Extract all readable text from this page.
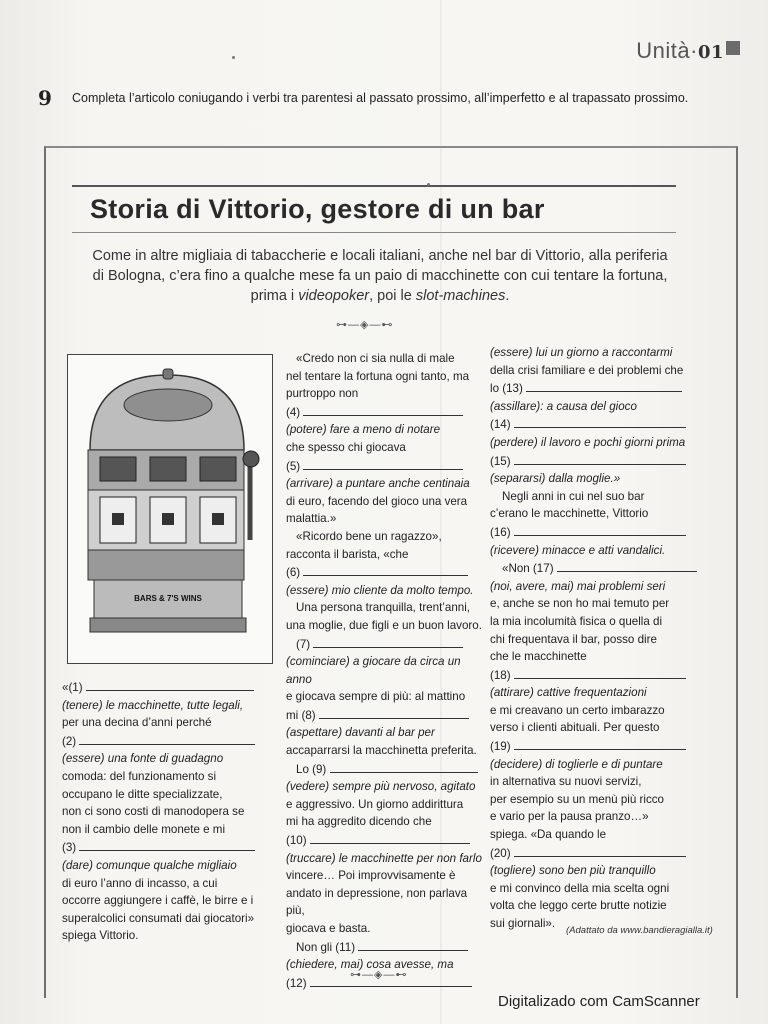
Unità·01
9 Completa l’articolo coniugando i verbi tra parentesi al passato prossimo, all’imperfetto e al trapassato prossimo.
Storia di Vittorio, gestore di un bar
Come in altre migliaia di tabaccherie e locali italiani, anche nel bar di Vittorio, alla periferia
di Bologna, c’era fino a qualche mese fa un paio di macchinette con cui tentare la fortuna,
prima i videopoker, poi le slot-machines.
⊶—◈—⊷
BARS & 7'S WINS

«(1)

(tenere) le macchinette, tutte legali,

per una decina d’anni perché

(2)

(essere) una fonte di guadagno

comoda: del funzionamento si

occupano le ditte specializzate,

non ci sono costi di manodopera se

non il cambio delle monete e mi

(3)

(dare) comunque qualche migliaio

di euro l’anno di incasso, a cui

occorre aggiungere i caffè, le birre e i

superalcolici consumati dai giocatori»

spiega Vittorio.

«Credo non ci sia nulla di male

nel tentare la fortuna ogni tanto, ma

purtroppo non

(4)

(potere) fare a meno di notare

che spesso chi giocava

(5)

(arrivare) a puntare anche centinaia

di euro, facendo del gioco una vera

malattia.»

«Ricordo bene un ragazzo»,

racconta il barista, «che

(6)

(essere) mio cliente da molto tempo.

Una persona tranquilla, trent’anni,

una moglie, due figli e un buon lavoro.

(7)

(cominciare) a giocare da circa un anno

e giocava sempre di più: al mattino

mi (8)

(aspettare) davanti al bar per

accaparrarsi la macchinetta preferita.

Lo (9)

(vedere) sempre più nervoso, agitato

e aggressivo. Un giorno addirittura

mi ha aggredito dicendo che

(10)

(truccare) le macchinette per non farlo

vincere… Poi improvvisamente è

andato in depressione, non parlava più,

giocava e basta.

Non gli (11)

(chiedere, mai) cosa avesse, ma

(12)

(essere) lui un giorno a raccontarmi

della crisi familiare e dei problemi che

lo (13)

(assillare): a causa del gioco

(14)

(perdere) il lavoro e pochi giorni prima

(15)

(separarsi) dalla moglie.»

Negli anni in cui nel suo bar

c’erano le macchinette, Vittorio

(16)

(ricevere) minacce e atti vandalici.

«Non (17)

(noi, avere, mai) mai problemi seri

e, anche se non ho mai temuto per

la mia incolumità fisica o quella di

chi frequentava il bar, posso dire

che le macchinette

(18)

(attirare) cattive frequentazioni

e mi creavano un certo imbarazzo

verso i clienti abituali. Per questo

(19)

(decidere) di toglierle e di puntare

in alternativa su nuovi servizi,

per esempio su un menù più ricco

e vario per la pausa pranzo…»

spiega. «Da quando le

(20)

(togliere) sono ben più tranquillo

e mi convinco della mia scelta ogni

volta che leggo certe brutte notizie

sui giornali».

(Adattato da www.bandieragialla.it)
⊶—◈—⊷
Digitalizado com CamScanner
